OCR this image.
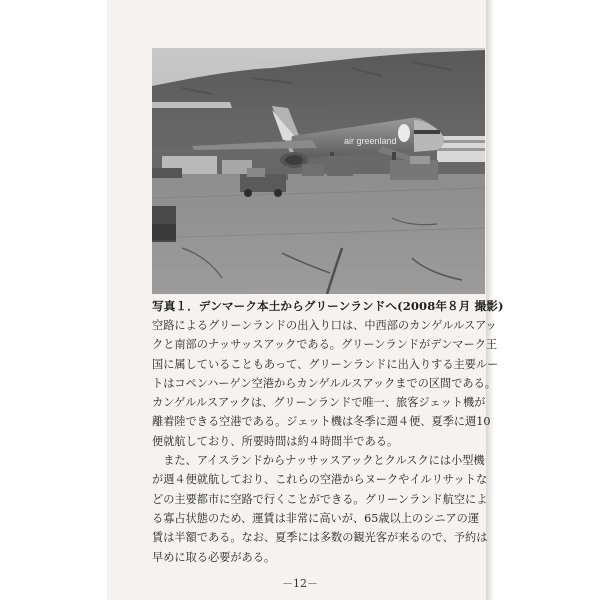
air greenland
写真１．デンマーク本土からグリーンランドへ(2008年８月 撮影)

空路によるグリーンランドの出入り口は、中西部のカンゲルルスアッ
クと南部のナッサッスアックである。グリーンランドがデンマーク王
国に属していることもあって、グリーンランドに出入りする主要ルー
トはコペンハーゲン空港からカンゲルルスアックまでの区間である。
カンゲルルスアックは、グリーンランドで唯一、旅客ジェット機が
離着陸できる空港である。ジェット機は冬季に週４便、夏季に週10
便就航しており、所要時間は約４時間半である。

　また、アイスランドからナッサッスアックとクルスクには小型機
が週４便就航しており、これらの空港からヌークやイルリサットな
どの主要都市に空路で行くことができる。グリーンランド航空によ
る寡占状態のため、運賃は非常に高いが、65歳以上のシニアの運
賃は半額である。なお、夏季には多数の観光客が来るので、予約は
早めに取る必要がある。

－12－
